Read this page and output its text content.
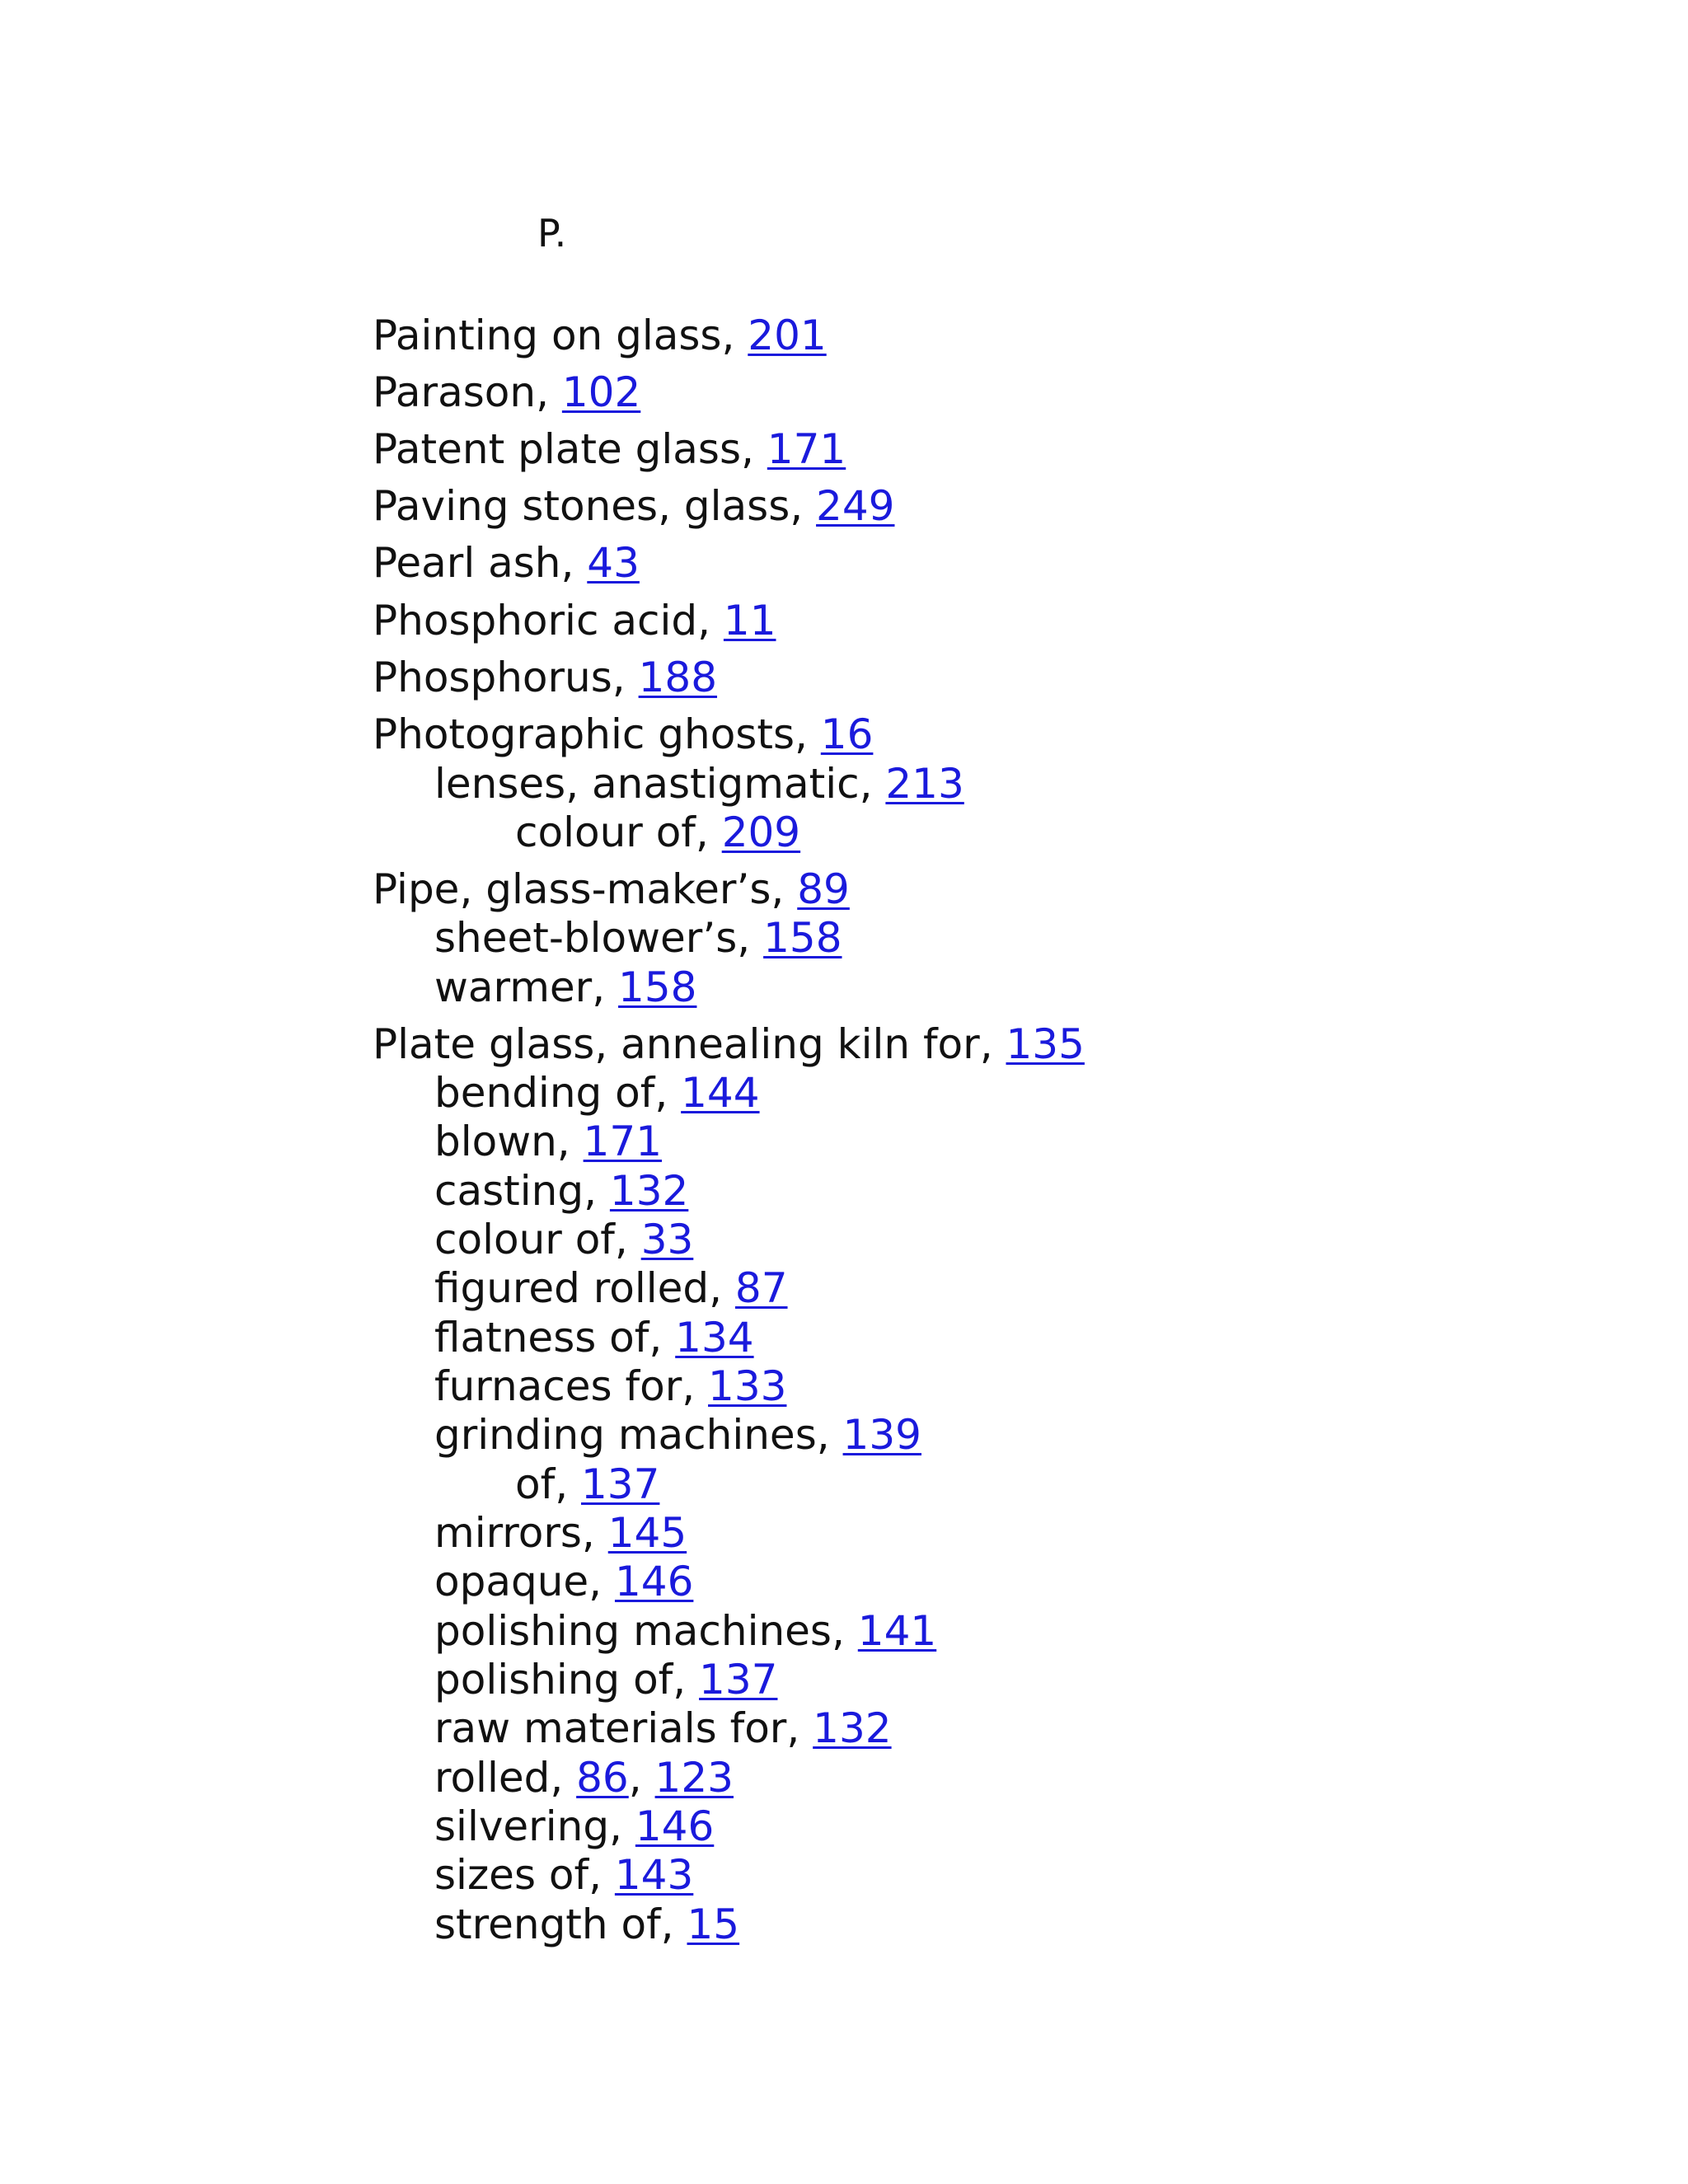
P.
Painting on glass, 201
Parason, 102
Patent plate glass, 171
Paving stones, glass, 249
Pearl ash, 43
Phosphoric acid, 11
Phosphorus, 188
Photographic ghosts, 16
lenses, anastigmatic, 213
colour of, 209
Pipe, glass-maker’s, 89
sheet-blower’s, 158
warmer, 158
Plate glass, annealing kiln for, 135
bending of, 144
blown, 171
casting, 132
colour of, 33
figured rolled, 87
flatness of, 134
furnaces for, 133
grinding machines, 139
of, 137
mirrors, 145
opaque, 146
polishing machines, 141
polishing of, 137
raw materials for, 132
rolled, 86, 123
silvering, 146
sizes of, 143
strength of, 15
